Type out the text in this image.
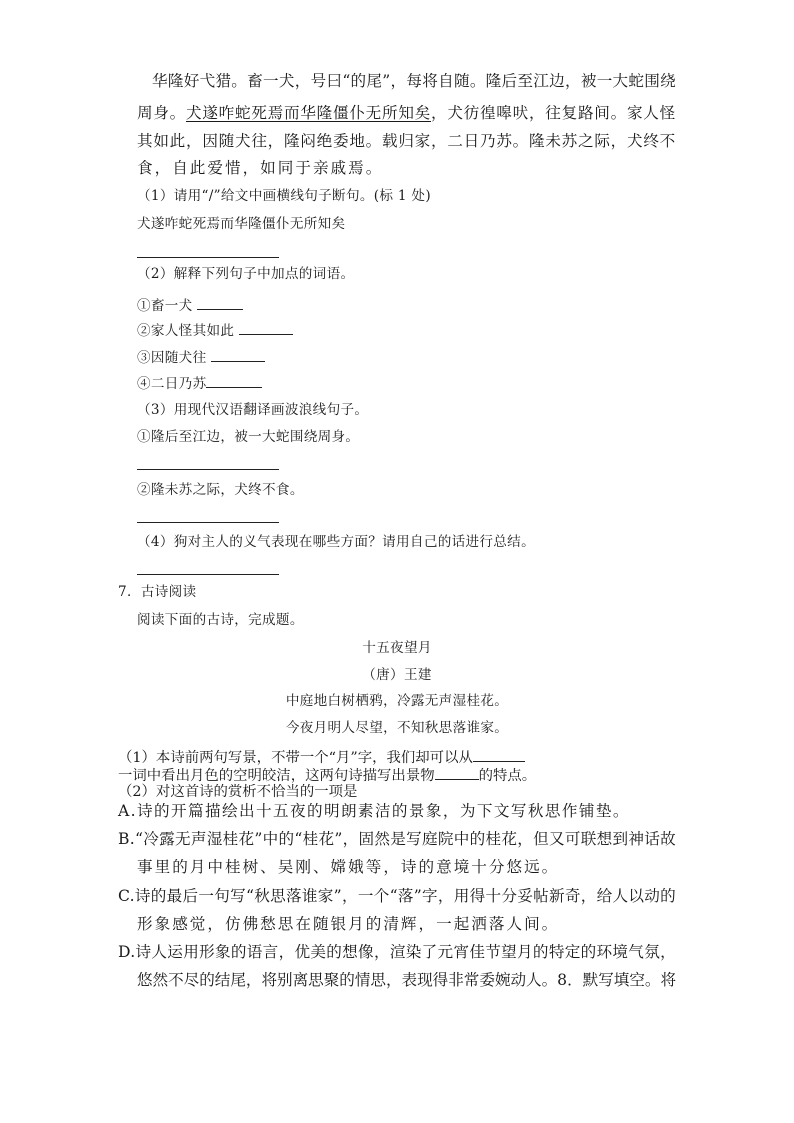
华隆好弋猎。畜一犬，号曰“的尾”，每将自随。隆后至江边，被一大蛇围绕
周身。犬遂咋蛇死焉而华隆僵仆无所知矣，犬彷徨嗥吠，往复路间。家人怪
其如此，因随犬往，隆闷绝委地。载归家，二日乃苏。隆未苏之际，犬终不
食，自此爱惜，如同于亲戚焉。
（1）请用“/”给文中画横线句子断句。(标 1 处)
犬遂咋蛇死焉而华隆僵仆无所知矣
（2）解释下列句子中加点的词语。
①畜一犬
②家人怪其如此
③因随犬往
④二日乃苏
（3）用现代汉语翻译画波浪线句子。
①隆后至江边，被一大蛇围绕周身。
②隆未苏之际，犬终不食。
（4）狗对主人的义气表现在哪些方面？请用自己的话进行总结。
7．古诗阅读
阅读下面的古诗，完成题。
十五夜望月
（唐）王建
中庭地白树栖鸦，冷露无声湿桂花。
今夜月明人尽望，不知秋思落谁家。
（1）本诗前两句写景，不带一个“月”字，我们却可以从
一词中看出月色的空明皎洁，这两句诗描写出景物	的特点。
（2）对这首诗的赏析不恰当的一项是
A.诗的开篇描绘出十五夜的明朗素洁的景象，为下文写秋思作铺垫。
B.“冷露无声湿桂花”中的“桂花”，固然是写庭院中的桂花，但又可联想到神话故
事里的月中桂树、吴刚、嫦娥等，诗的意境十分悠远。
C.诗的最后一句写“秋思落谁家”，一个“落”字，用得十分妥帖新奇，给人以动的
形象感觉，仿佛愁思在随银月的清辉，一起洒落人间。
D.诗人运用形象的语言，优美的想像，渲染了元宵佳节望月的特定的环境气氛，
悠然不尽的结尾，将别离思聚的情思，表现得非常委婉动人。8．默写填空。将
